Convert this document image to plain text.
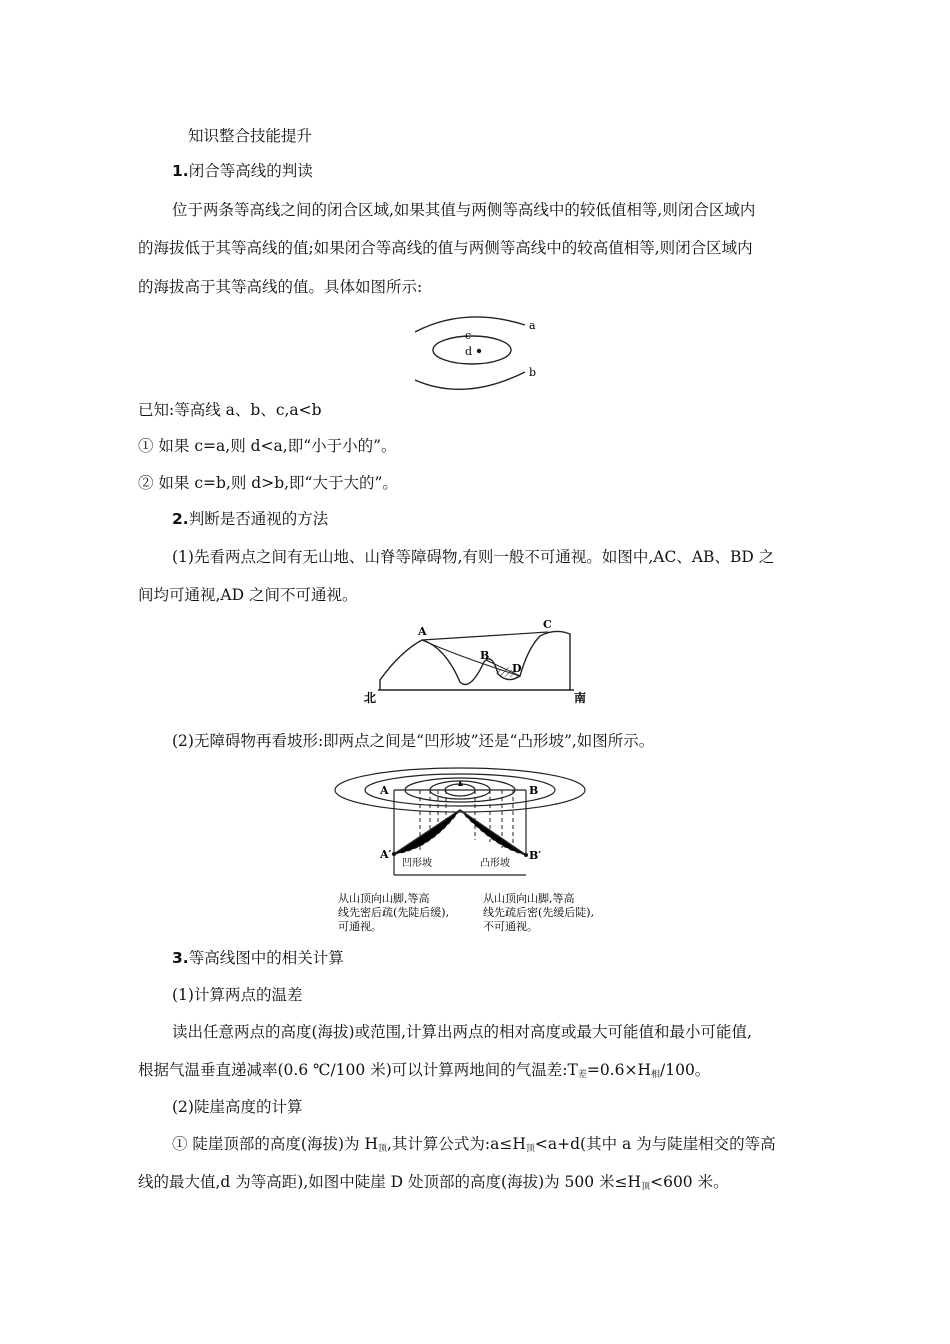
知识整合技能提升
1.闭合等高线的判读
位于两条等高线之间的闭合区域,如果其值与两侧等高线中的较低值相等,则闭合区域内
的海拔低于其等高线的值;如果闭合等高线的值与两侧等高线中的较高值相等,则闭合区域内
的海拔高于其等高线的值。具体如图所示:
a
b
c
d
已知:等高线 a、b、c,a<b
① 如果 c=a,则 d<a,即“小于小的”。
② 如果 c=b,则 d>b,即“大于大的”。
2.判断是否通视的方法
(1)先看两点之间有无山地、山脊等障碍物,有则一般不可通视。如图中,AC、AB、BD 之
间均可通视,AD 之间不可通视。
A
B
C
D
北	南
(2)无障碍物再看坡形:即两点之间是“凹形坡”还是“凸形坡”,如图所示。
A	B
A′	B′
凹形坡	凸形坡
从山顶向山脚,等高
线先密后疏(先陡后缓),
可通视。
从山顶向山脚,等高
线先疏后密(先缓后陡),
不可通视。
3.等高线图中的相关计算
(1)计算两点的温差
读出任意两点的高度(海拔)或范围,计算出两点的相对高度或最大可能值和最小可能值,
根据气温垂直递减率(0.6 ℃/100 米)可以计算两地间的气温差$:T_差=0.6\times H_相/100$。
(2)陡崖高度的计算
① 陡崖顶部的高度(海拔)为 $H_顶$,其计算公式为$:a\le H_顶<a+d$(其中 a 为与陡崖相交的等高
线的最大值,d 为等高距),如图中陡崖 D 处顶部的高度(海拔)为 500 米$\le H_顶<600$ 米。
